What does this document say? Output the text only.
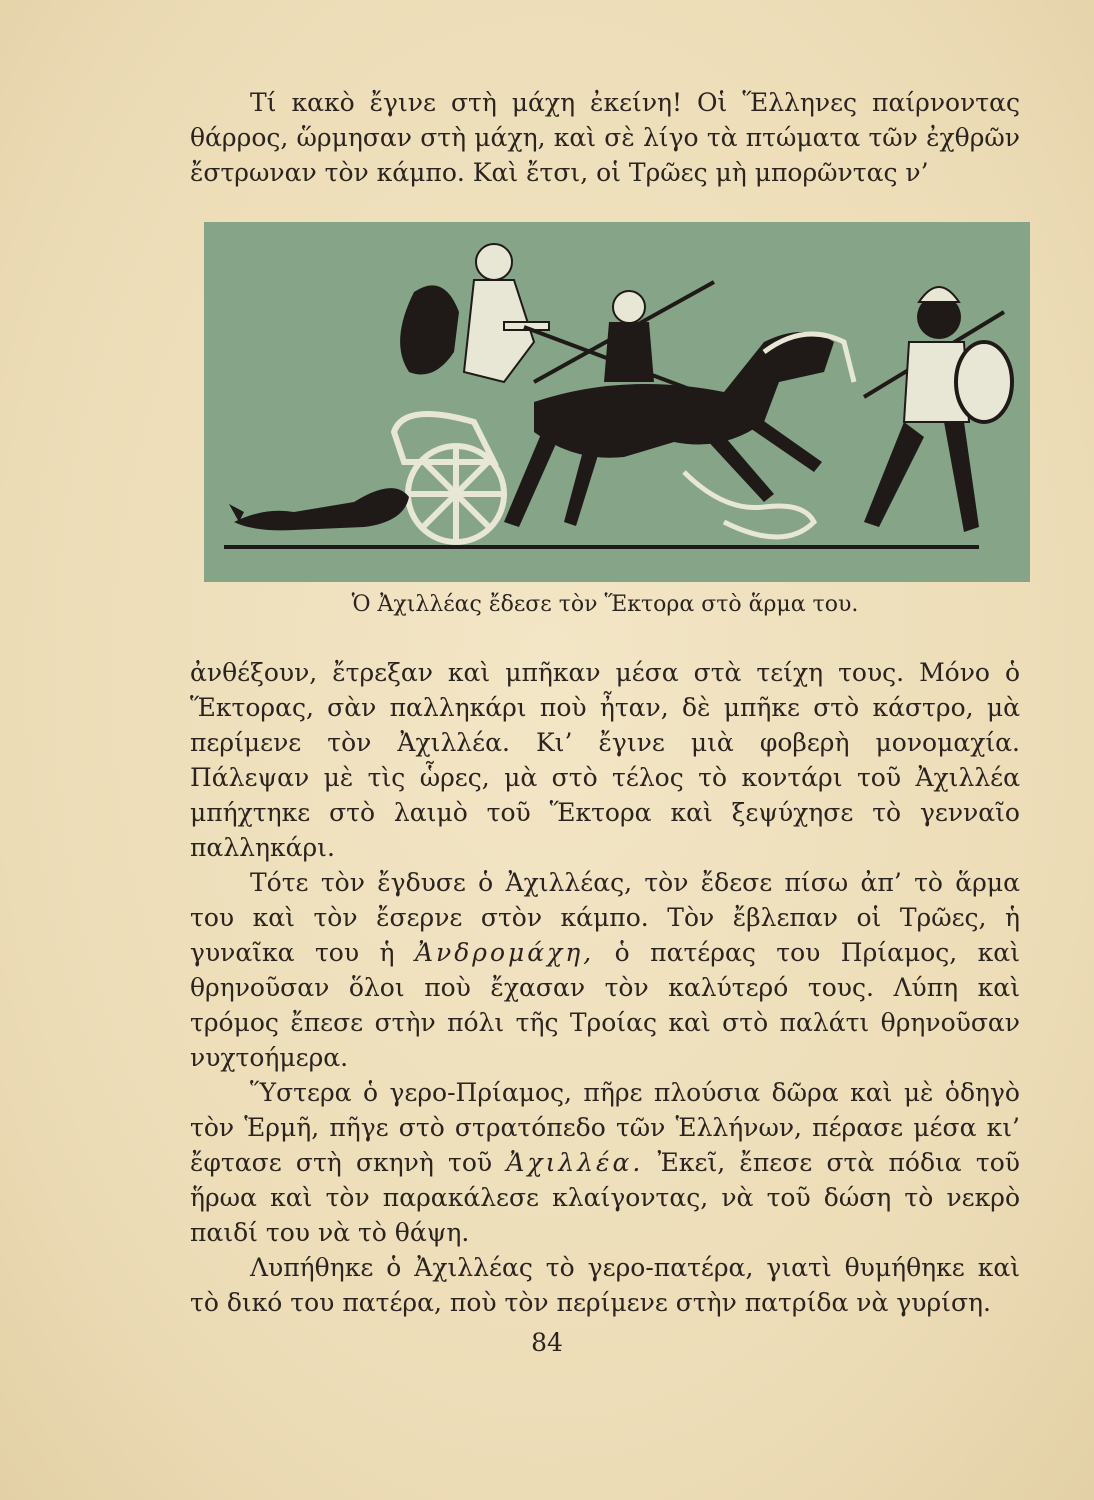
Τί κακὸ ἔγινε στὴ μάχη ἐκείνη! Οἱ Ἕλληνες παίρνοντας θάρρος, ὥρμησαν στὴ μάχη, καὶ σὲ λίγο τὰ πτώματα τῶν ἐχθρῶν ἔστρωναν τὸν κάμπο. Καὶ ἔτσι, οἱ Τρῶες μὴ μπορῶντας ν’

Ὁ Ἀχιλλέας ἔδεσε τὸν Ἕκτορα στὸ ἅρμα του.

ἀνθέξουν, ἔτρεξαν καὶ μπῆκαν μέσα στὰ τείχη τους. Μόνο ὁ Ἕκτορας, σὰν παλληκάρι ποὺ ἦταν, δὲ μπῆκε στὸ κάστρο, μὰ περίμενε τὸν Ἀχιλλέα. Κι’ ἔγινε μιὰ φοβερὴ μονομαχία. Πάλεψαν μὲ τὶς ὧρες, μὰ στὸ τέλος τὸ κοντάρι τοῦ Ἀχιλλέα μπήχτηκε στὸ λαιμὸ τοῦ Ἕκτορα καὶ ξεψύχησε τὸ γενναῖο παλληκάρι.

Τότε τὸν ἔγδυσε ὁ Ἀχιλλέας, τὸν ἔδεσε πίσω ἀπ’ τὸ ἅρμα του καὶ τὸν ἔσερνε στὸν κάμπο. Τὸν ἔβλεπαν οἱ Τρῶες, ἡ γυναῖκα του ἡ Ἀνδρομάχη, ὁ πατέρας του Πρίαμος, καὶ θρηνοῦσαν ὅλοι ποὺ ἔχασαν τὸν καλύτερό τους. Λύπη καὶ τρόμος ἔπεσε στὴν πόλι τῆς Τροίας καὶ στὸ παλάτι θρηνοῦσαν νυχτοήμερα.

Ὕστερα ὁ γερο-Πρίαμος, πῆρε πλούσια δῶρα καὶ μὲ ὁδηγὸ τὸν Ἑρμῆ, πῆγε στὸ στρατόπεδο τῶν Ἑλλήνων, πέρασε μέσα κι’ ἔφτασε στὴ σκηνὴ τοῦ Ἀχιλλέα. Ἐκεῖ, ἔπεσε στὰ πόδια τοῦ ἥρωα καὶ τὸν παρακάλεσε κλαίγοντας, νὰ τοῦ δώση τὸ νεκρὸ παιδί του νὰ τὸ θάψη.

Λυπήθηκε ὁ Ἀχιλλέας τὸ γερο-πατέρα, γιατὶ θυμήθηκε καὶ τὸ δικό του πατέρα, ποὺ τὸν περίμενε στὴν πατρίδα νὰ γυρίση.

84
